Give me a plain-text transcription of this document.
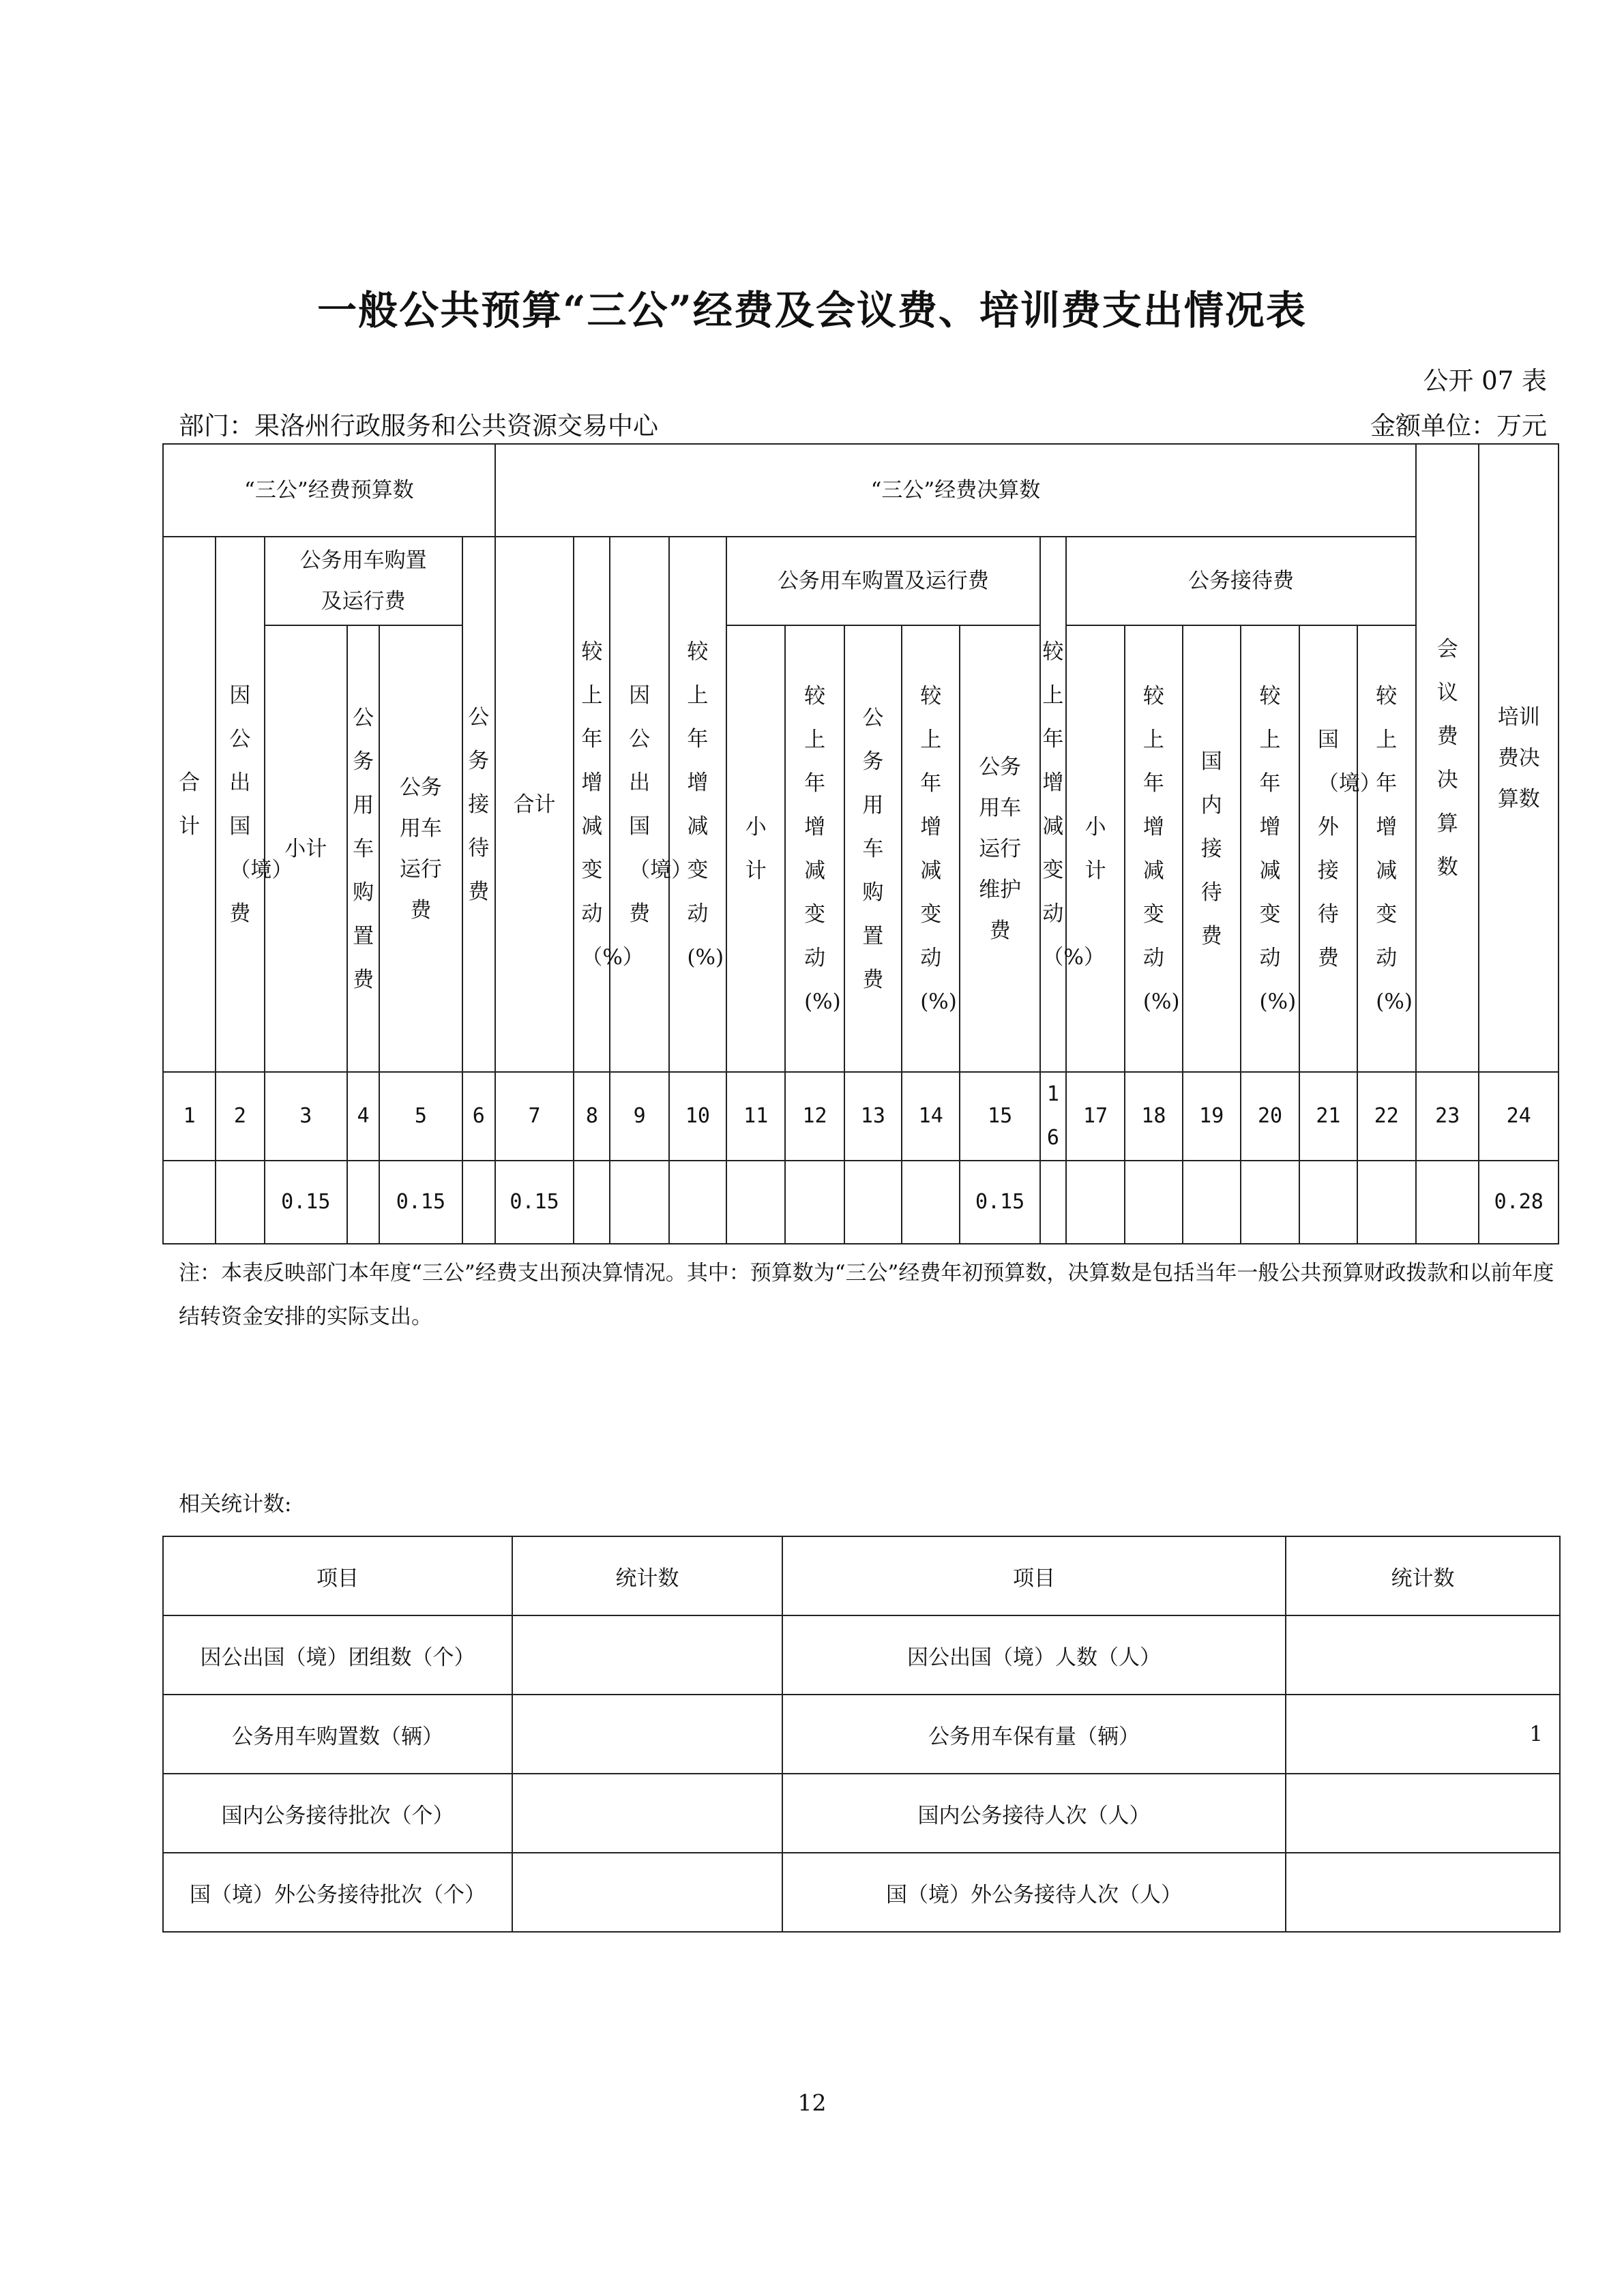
一般公共预算“三公”经费及会议费、培训费支出情况表
公开 07 表
部门：果洛州行政服务和公共资源交易中心	金额单位：万元
“三公”经费预算数						“三公”经费决算数																会议费决算数	培训费决算数

合计	因公出国（境）费	公务用车购置及运行费			公务接待费	合计	较上年增减变动（%）	因公出国（境）费	较上年增减变动(%)	公务用车购置及运行费					较上年增减变动（%）	公务接待费							
		小计	公务用车购置费	公务用车运行费						小计	较上年增减变动(%)	公务用车购置费	较上年增减变动(%)	公务用车运行维护费		小计	较上年增减变动(%)	国内接待费	较上年增减变动(%)	国（境）外接待费	较上年增减变动(%)		

1	2	3	4	5	6	7	8	9	10	11	12	13	14	15	16	17	18	19	20	21	22	23	24
		0.15		0.15		0.15								0.15									0.28
注：本表反映部门本年度“三公”经费支出预决算情况。其中：预算数为“三公”经费年初预算数，决算数是包括当年一般公共预算财政拨款和以前年度结转资金安排的实际支出。
相关统计数:
项目	统计数	项目	统计数
因公出国（境）团组数（个）		因公出国（境）人数（人）	
公务用车购置数（辆）		公务用车保有量（辆）	1
国内公务接待批次（个）		国内公务接待人次（人）	
国（境）外公务接待批次（个）		国（境）外公务接待人次（人）	
12
